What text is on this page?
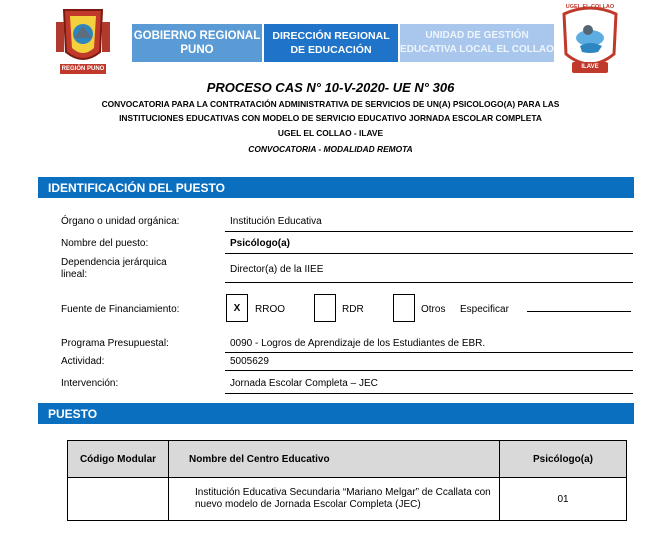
REGIÓN PUNO
GOBIERNO REGIONAL PUNO
DIRECCIÓN REGIONAL DE EDUCACIÓN
UNIDAD DE GESTIÓN EDUCATIVA LOCAL EL COLLAO
UGEL EL COLLAO
ILAVE
PROCESO CAS N° 10-V-2020- UE N° 306
CONVOCATORIA PARA LA CONTRATACIÓN ADMINISTRATIVA DE SERVICIOS DE UN(A) PSICOLOGO(A) PARA LAS
INSTITUCIONES EDUCATIVAS CON MODELO DE SERVICIO EDUCATIVO JORNADA ESCOLAR COMPLETA
UGEL EL COLLAO - ILAVE
CONVOCATORIA - MODALIDAD REMOTA
IDENTIFICACIÓN DEL PUESTO
Órgano o unidad orgánica:	Institución Educativa
Nombre del puesto:	Psicólogo(a)
Dependencia jerárquica
lineal:	Director(a) de la IIEE
Fuente de Financiamiento:	X	RROO	RDR	Otros Especificar
Programa Presupuestal:	0090 - Logros de Aprendizaje de los Estudiantes de EBR.
Actividad:	5005629
Intervención:	Jornada Escolar Completa – JEC
PUESTO
Código Modular	Nombre del Centro Educativo	Psicólogo(a)
	Institución Educativa Secundaria “Mariano Melgar” de Ccallata con nuevo modelo de Jornada Escolar Completa (JEC)	01
